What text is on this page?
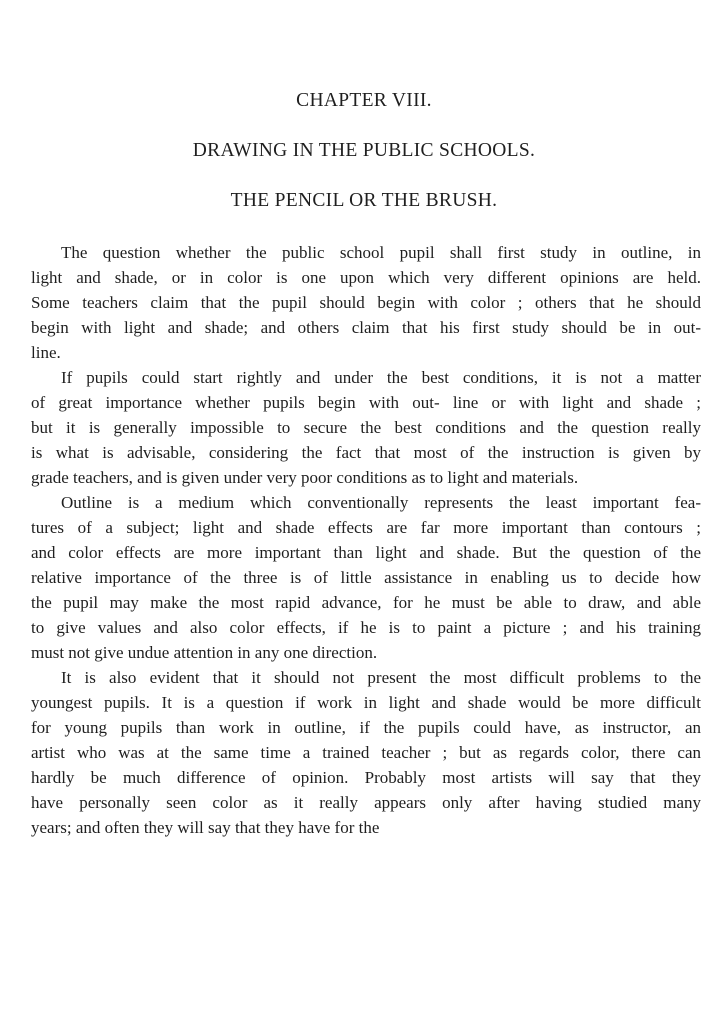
CHAPTER VIII.
DRAWING IN THE PUBLIC SCHOOLS.
THE PENCIL OR THE BRUSH.
The question whether the public school pupil shall first study in outline, in
light and shade, or in color is one upon which very different opinions are held.
Some teachers claim that the pupil should begin with color ; others that he should
begin with light and shade; and others claim that his first study should be in out-
line.
If pupils could start rightly and under the best conditions, it is not a matter
of great importance whether pupils begin with out- line or with light and shade ;
but it is generally impossible to secure the best conditions and the question really
is what is advisable, considering the fact that most of the instruction is given by
grade teachers, and is given under very poor conditions as to light and materials.
Outline is a medium which conventionally represents the least important fea-
tures of a subject; light and shade effects are far more important than contours ;
and color effects are more important than light and shade. But the question of the
relative importance of the three is of little assistance in enabling us to decide how
the pupil may make the most rapid advance, for he must be able to draw, and able
to give values and also color effects, if he is to paint a picture ; and his training
must not give undue attention in any one direction.
It is also evident that it should not present the most difficult problems to the
youngest pupils. It is a question if work in light and shade would be more difficult
for young pupils than work in outline, if the pupils could have, as instructor, an
artist who was at the same time a trained teacher ; but as regards color, there can
hardly be much difference of opinion. Probably most artists will say that they
have personally seen color as it really appears only after having studied many
years; and often they will say that they have for the
